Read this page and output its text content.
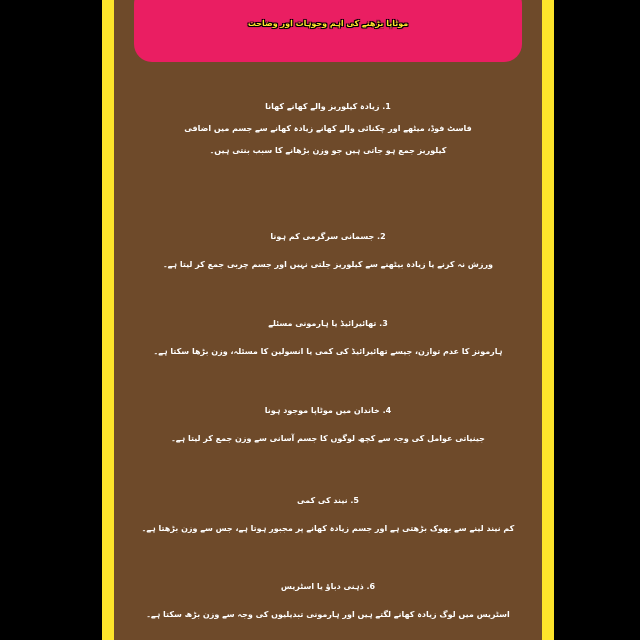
موٹاپا بڑھنے کی اہم وجوہات اور وضاحت
1. زیادہ کیلوریز والے کھانے کھانا
فاسٹ فوڈ، میٹھے اور چکنائی والے کھانے زیادہ کھانے سے جسم میں اضافی
کیلوریز جمع ہو جاتی ہیں جو وزن بڑھانے کا سبب بنتی ہیں۔
2. جسمانی سرگرمی کم ہونا
ورزش نہ کرنے یا زیادہ بیٹھنے سے کیلوریز جلتی نہیں اور جسم چربی جمع کر لیتا ہے۔
3. تھائیرائیڈ یا ہارمونی مسئلے
ہارمونز کا عدم توازن، جیسے تھائیرائیڈ کی کمی یا انسولین کا مسئلہ، وزن بڑھا سکتا ہے۔
4. خاندان میں موٹاپا موجود ہونا
جینیاتی عوامل کی وجہ سے کچھ لوگوں کا جسم آسانی سے وزن جمع کر لیتا ہے۔
5. نیند کی کمی
کم نیند لینے سے بھوک بڑھتی ہے اور جسم زیادہ کھانے پر مجبور ہوتا ہے، جس سے وزن بڑھتا ہے۔
6. ذہنی دباؤ یا اسٹریس
اسٹریس میں لوگ زیادہ کھانے لگتے ہیں اور ہارمونی تبدیلیوں کی وجہ سے وزن بڑھ سکتا ہے۔
